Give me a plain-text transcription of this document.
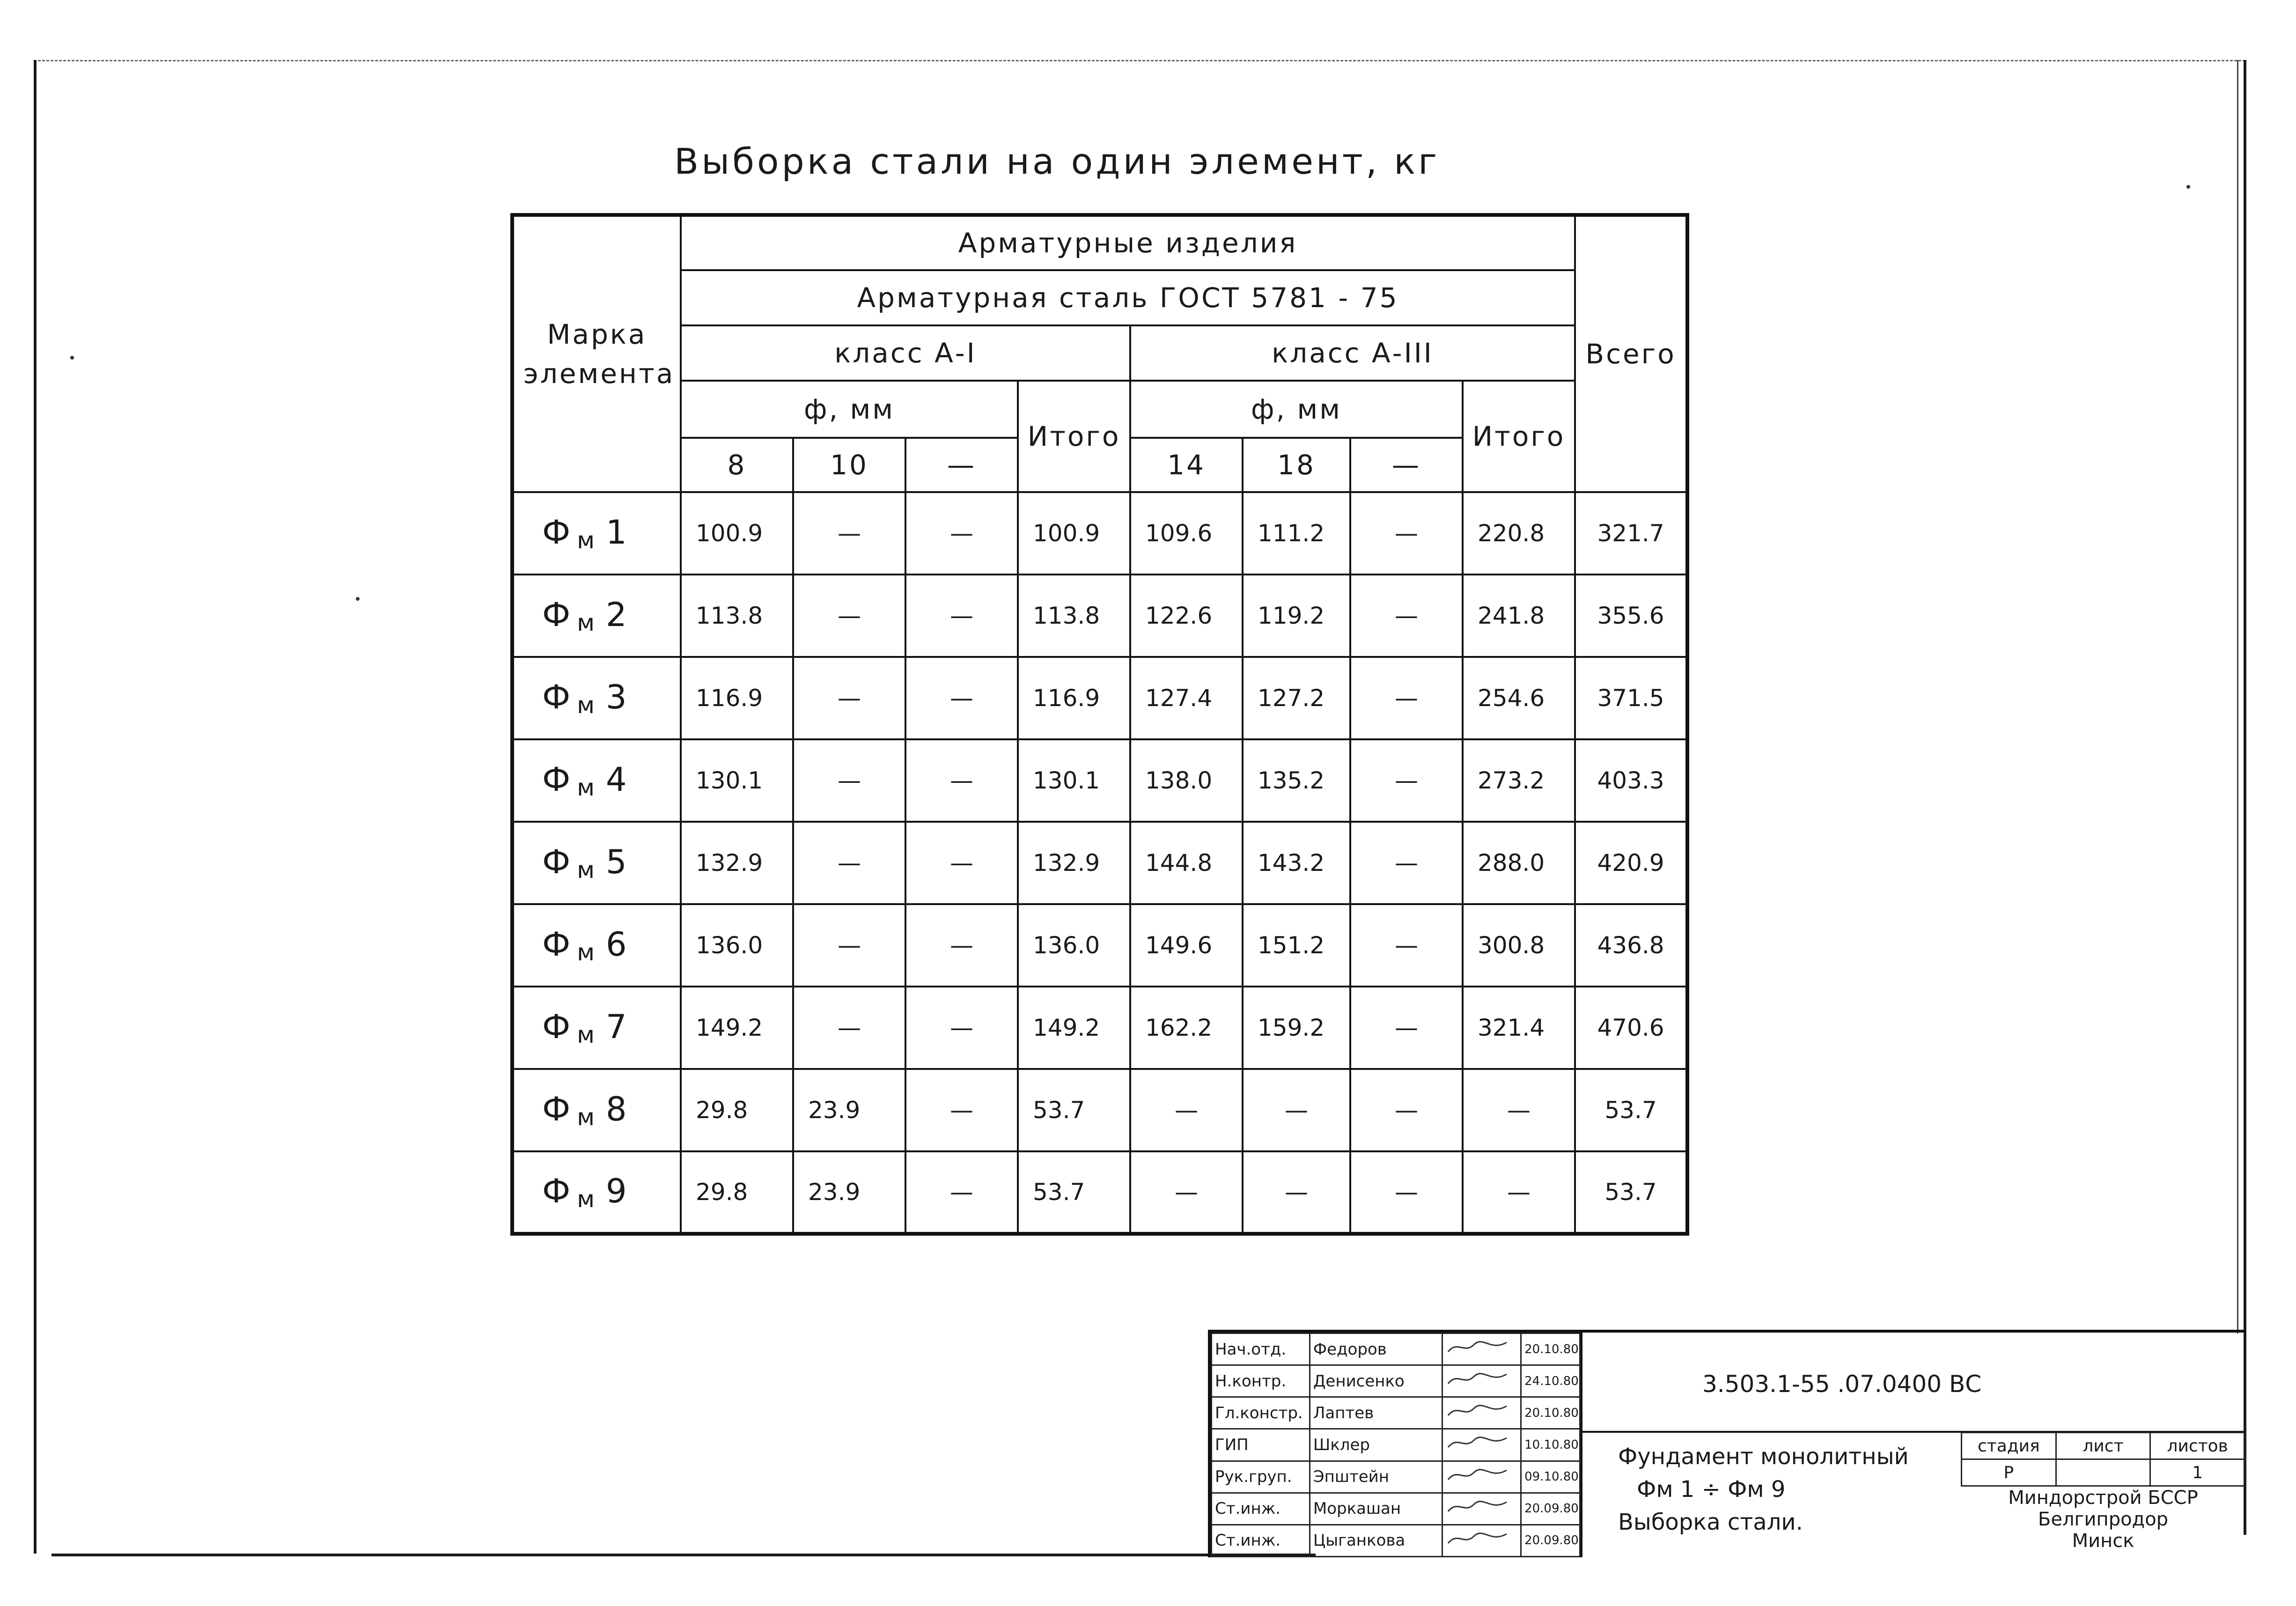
Выборка стали на один элемент, кг
Марка элемента	Арматурные изделия								Всего
	Арматурная сталь ГОСТ 5781 - 75								
	класс А-I				класс А-III				
	ф, мм			Итого	ф, мм			Итого	
	8	10	—		14	18	—		
Ф $_м$ 1	100.9	—	—	100.9	109.6	111.2	—	220.8	321.7
Ф $_м$ 2	113.8	—	—	113.8	122.6	119.2	—	241.8	355.6
Ф $_м$ 3	116.9	—	—	116.9	127.4	127.2	—	254.6	371.5
Ф $_м$ 4	130.1	—	—	130.1	138.0	135.2	—	273.2	403.3
Ф $_м$ 5	132.9	—	—	132.9	144.8	143.2	—	288.0	420.9
Ф $_м$ 6	136.0	—	—	136.0	149.6	151.2	—	300.8	436.8
Ф $_м$ 7	149.2	—	—	149.2	162.2	159.2	—	321.4	470.6
Ф $_м$ 8	29.8	23.9	—	53.7	—	—	—	—	53.7
Ф $_м$ 9	29.8	23.9	—	53.7	—	—	—	—	53.7
Нач.отд.	Федоров		20.10.80
Н.контр.	Денисенко		24.10.80
Гл.констр.	Лаптев		20.10.80
ГИП	Шклер		10.10.80
Рук.груп.	Эпштейн		09.10.80
Ст.инж.	Моркашан		20.09.80
Ст.инж.	Цыганкова		20.09.80
3.503.1-55 .07.0400 ВС
Фундамент монолитный
Фм 1 ÷ Фм 9
Выборка стали.
стадия	лист	листов
Р		1
Миндорстрой БССР
Белгипродор
Минск
